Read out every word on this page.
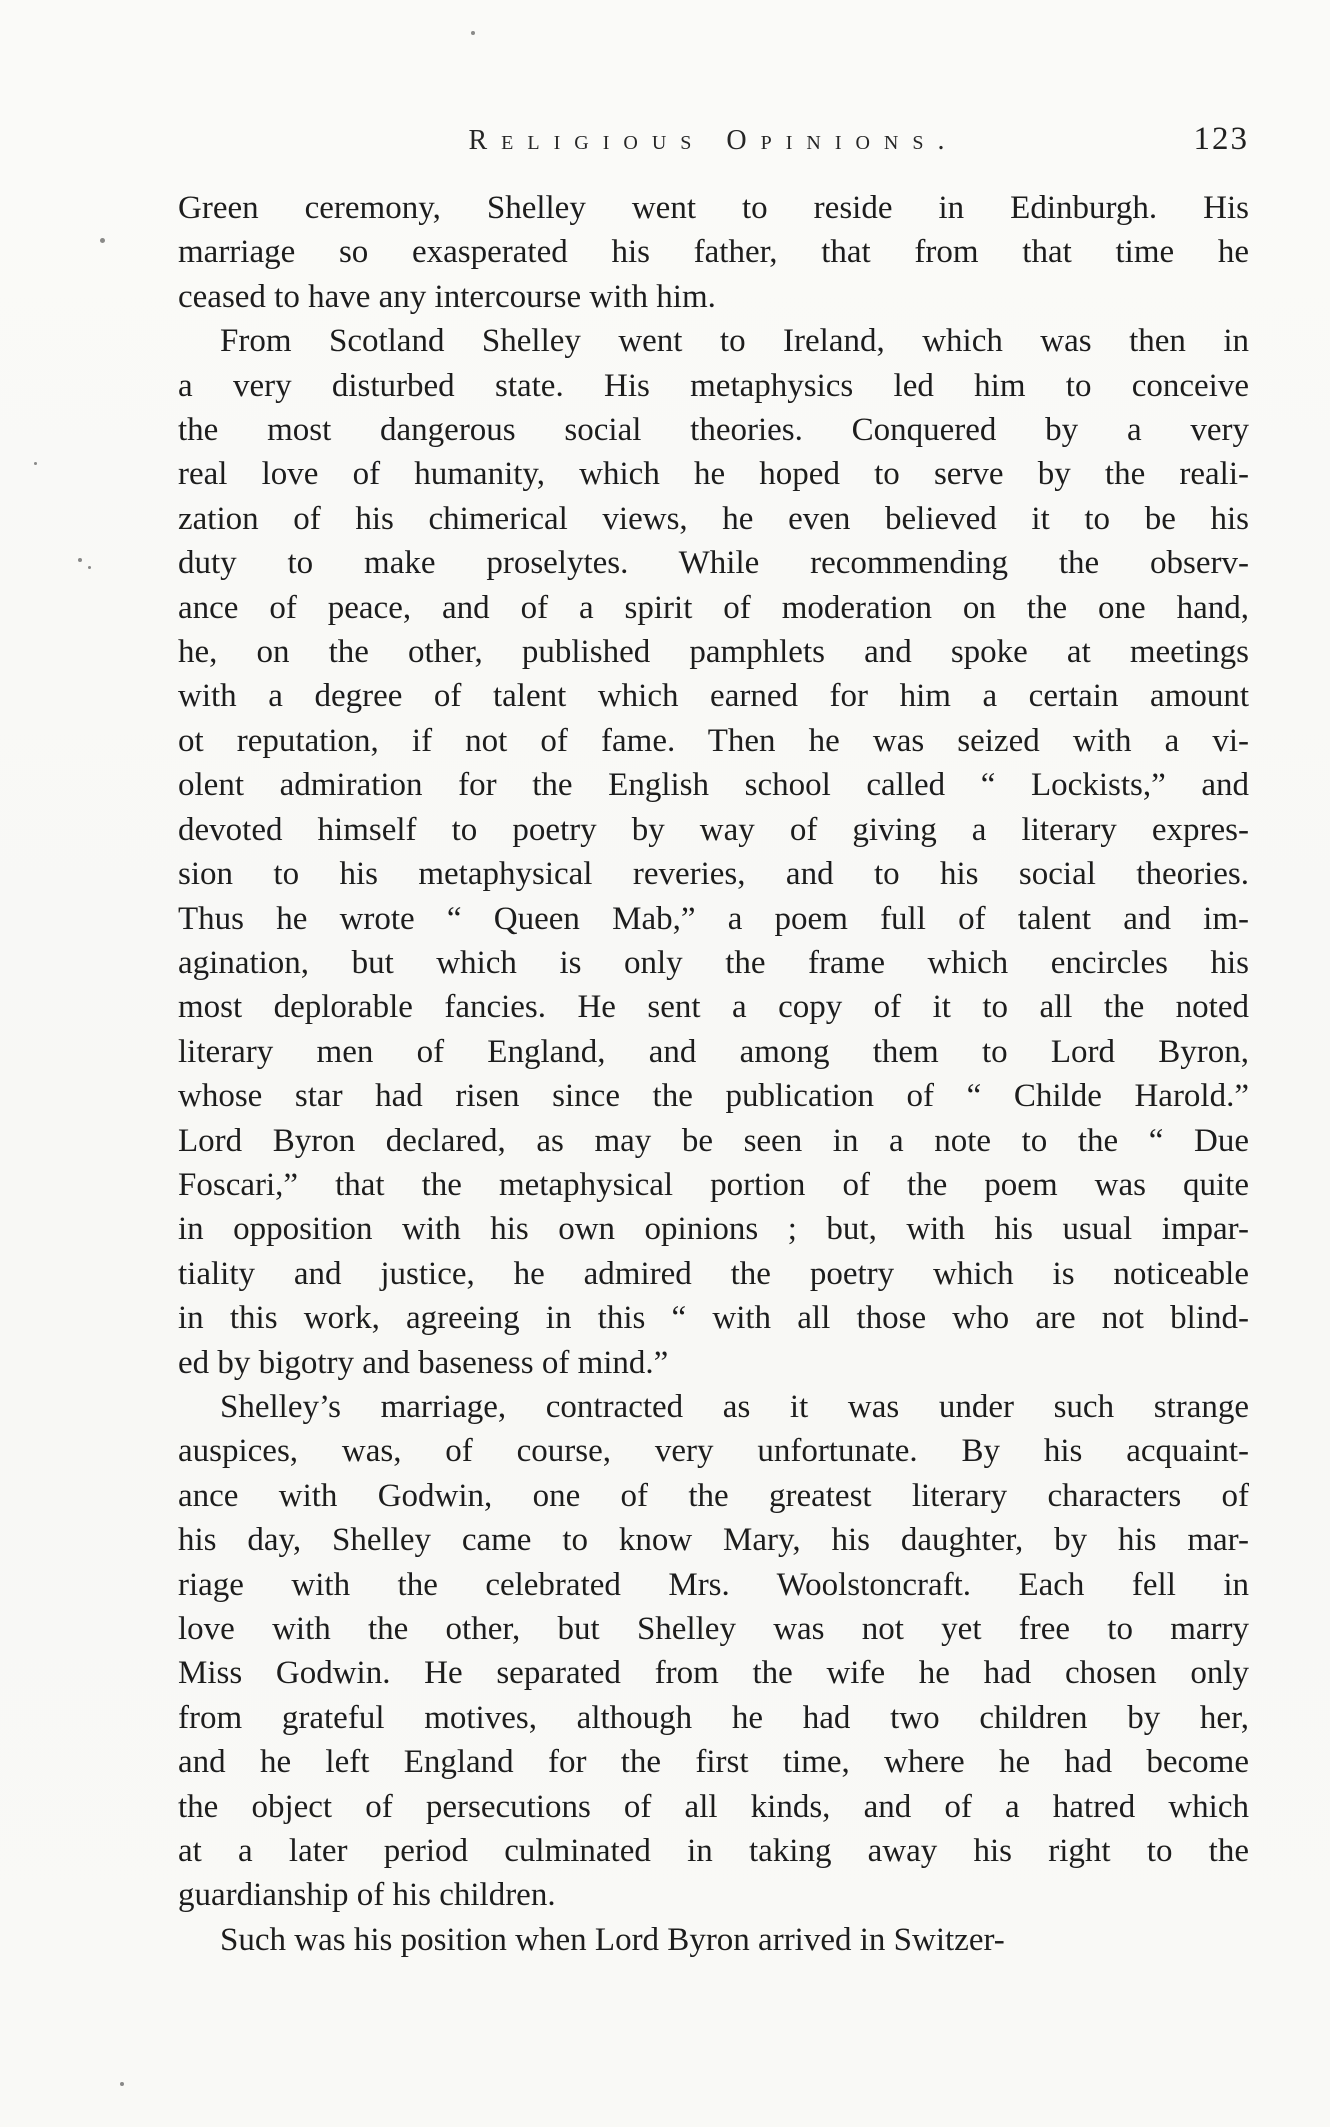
Religious Opinions.	123
Green ceremony, Shelley went to reside in Edinburgh. His
marriage so exasperated his father, that from that time he
ceased to have any intercourse with him.
From Scotland Shelley went to Ireland, which was then in
a very disturbed state. His metaphysics led him to conceive
the most dangerous social theories. Conquered by a very
real love of humanity, which he hoped to serve by the reali-
zation of his chimerical views, he even believed it to be his
duty to make proselytes. While recommending the observ-
ance of peace, and of a spirit of moderation on the one hand,
he, on the other, published pamphlets and spoke at meetings
with a degree of talent which earned for him a certain amount
ot reputation, if not of fame. Then he was seized with a vi-
olent admiration for the English school called “ Lockists,” and
devoted himself to poetry by way of giving a literary expres-
sion to his metaphysical reveries, and to his social theories.
Thus he wrote “ Queen Mab,” a poem full of talent and im-
agination, but which is only the frame which encircles his
most deplorable fancies. He sent a copy of it to all the noted
literary men of England, and among them to Lord Byron,
whose star had risen since the publication of “ Childe Harold.”
Lord Byron declared, as may be seen in a note to the “ Due
Foscari,” that the metaphysical portion of the poem was quite
in opposition with his own opinions ; but, with his usual impar-
tiality and justice, he admired the poetry which is noticeable
in this work, agreeing in this “ with all those who are not blind-
ed by bigotry and baseness of mind.”
Shelley’s marriage, contracted as it was under such strange
auspices, was, of course, very unfortunate. By his acquaint-
ance with Godwin, one of the greatest literary characters of
his day, Shelley came to know Mary, his daughter, by his mar-
riage with the celebrated Mrs. Woolstoncraft. Each fell in
love with the other, but Shelley was not yet free to marry
Miss Godwin. He separated from the wife he had chosen only
from grateful motives, although he had two children by her,
and he left England for the first time, where he had become
the object of persecutions of all kinds, and of a hatred which
at a later period culminated in taking away his right to the
guardianship of his children.
Such was his position when Lord Byron arrived in Switzer-
